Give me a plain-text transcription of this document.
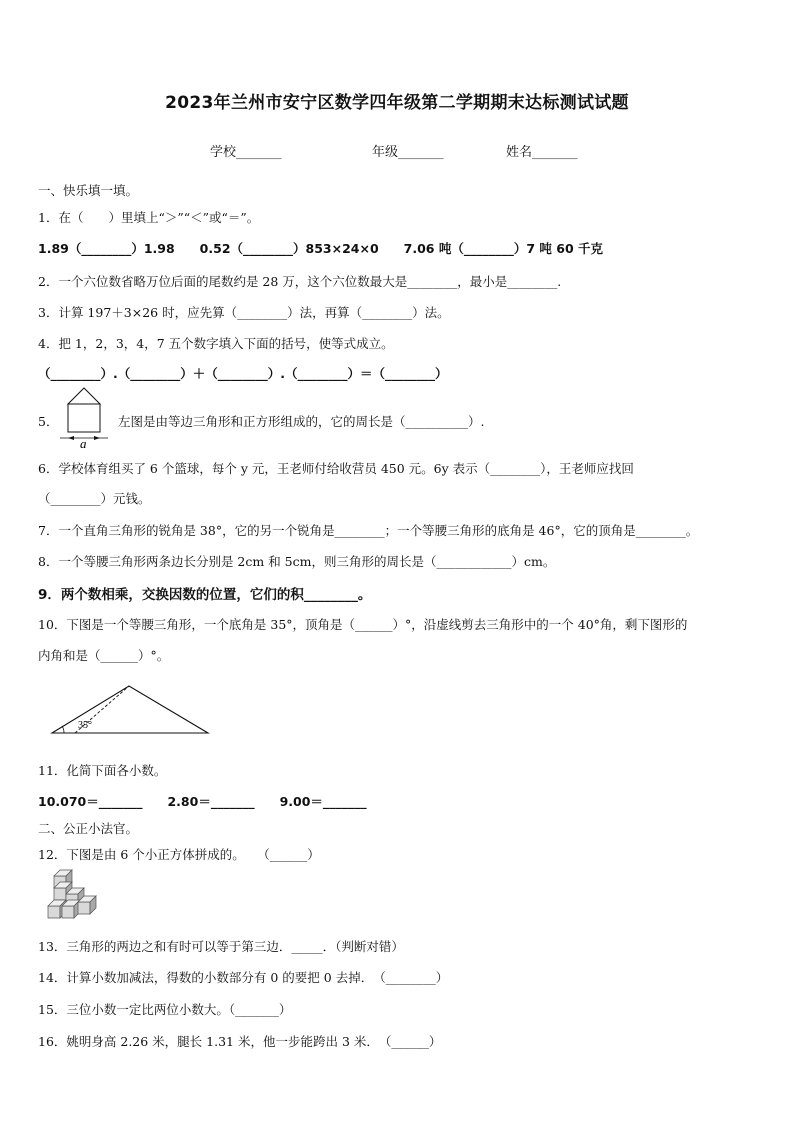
2023年兰州市安宁区数学四年级第二学期期末达标测试试题
学校_______	年级_______	姓名_______
一、快乐填一填。
1．在（　　）里填上“＞”“＜”或“＝”。
1.89（________）1.98　　0.52（________）853×24×0　　7.06 吨（________）7 吨 60 千克
2．一个六位数省略万位后面的尾数约是 28 万，这个六位数最大是________，最小是________.
3．计算 197＋3×26 时，应先算（________）法，再算（________）法。
4．把 1，2，3，4，7 五个数字填入下面的括号，使等式成立。
（________）.（________）＋（________）.（________）＝（________）
5．
a
左图是由等边三角形和正方形组成的，它的周长是（__________）.
6．学校体育组买了 6 个篮球，每个 y 元，王老师付给收营员 450 元。6y 表示（________），王老师应找回
（________）元钱。
7．一个直角三角形的锐角是 38°，它的另一个锐角是________；一个等腰三角形的底角是 46°，它的顶角是________。
8．一个等腰三角形两条边长分别是 2cm 和 5cm，则三角形的周长是（____________）cm。
9．两个数相乘，交换因数的位置，它们的积________。
10．下图是一个等腰三角形，一个底角是 35°，顶角是（______）°，沿虚线剪去三角形中的一个 40°角，剩下图形的
内角和是（______）°。
35°
11．化简下面各小数。
10.070＝_______　　2.80＝_______　　9.00＝_______
二、公正小法官。
12．下图是由 6 个小正方体拼成的。　　（______）
13．三角形的两边之和有时可以等于第三边．_____．（判断对错）
14．计算小数加减法，得数的小数部分有 0 的要把 0 去掉．　（________）
15．三位小数一定比两位小数大。（_______）
16．姚明身高 2.26 米，腿长 1.31 米，他一步能跨出 3 米．　（______）
